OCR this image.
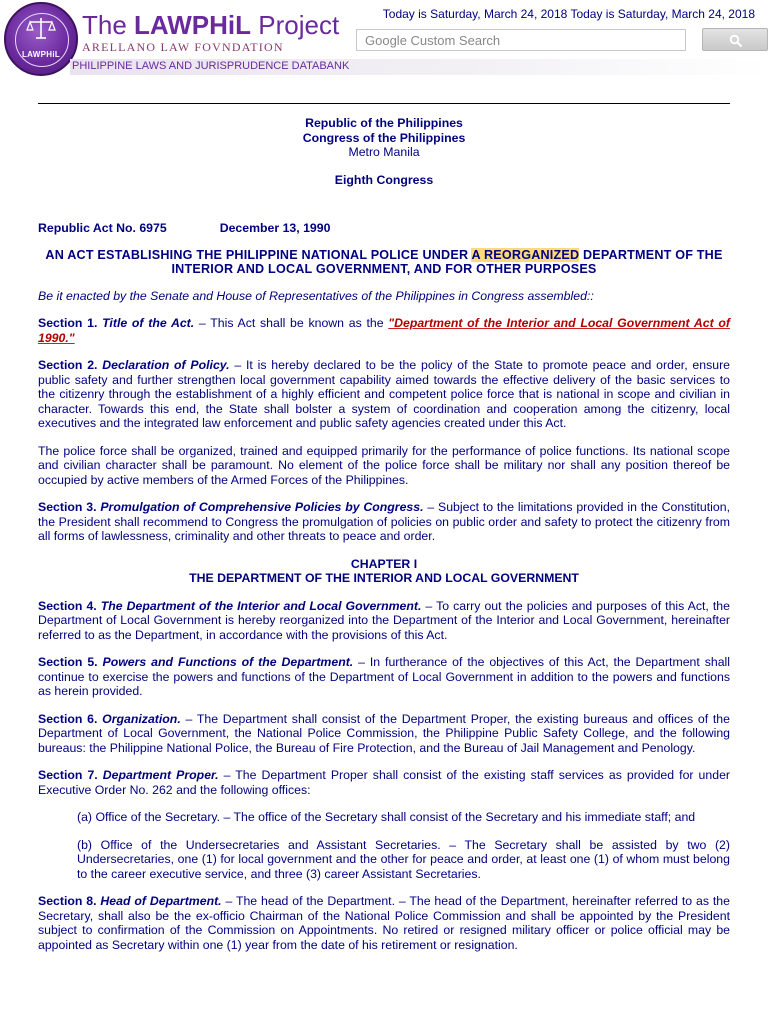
LAWPHiL
The LAWPHiL Project
ARELLANO LAW FOVNDATION
PHILIPPINE LAWS AND JURISPRUDENCE DATABANK
Today is Saturday, March 24, 2018 Today is Saturday, March 24, 2018
Google Custom Search
Republic of the Philippines
Congress of the Philippines
Metro Manila
Eighth Congress
Republic Act No. 6975	December 13, 1990
AN ACT ESTABLISHING THE PHILIPPINE NATIONAL POLICE UNDER A REORGANIZED DEPARTMENT OF THE INTERIOR AND LOCAL GOVERNMENT, AND FOR OTHER PURPOSES

Be it enacted by the Senate and House of Representatives of the Philippines in Congress assembled::

Section 1. Title of the Act. – This Act shall be known as the "Department of the Interior and Local Government Act of 1990."

Section 2. Declaration of Policy. – It is hereby declared to be the policy of the State to promote peace and order, ensure public safety and further strengthen local government capability aimed towards the effective delivery of the basic services to the citizenry through the establishment of a highly efficient and competent police force that is national in scope and civilian in character. Towards this end, the State shall bolster a system of coordination and cooperation among the citizenry, local executives and the integrated law enforcement and public safety agencies created under this Act.

The police force shall be organized, trained and equipped primarily for the performance of police functions. Its national scope and civilian character shall be paramount. No element of the police force shall be military nor shall any position thereof be occupied by active members of the Armed Forces of the Philippines.

Section 3. Promulgation of Comprehensive Policies by Congress. – Subject to the limitations provided in the Constitution, the President shall recommend to Congress the promulgation of policies on public order and safety to protect the citizenry from all forms of lawlessness, criminality and other threats to peace and order.

CHAPTER I
THE DEPARTMENT OF THE INTERIOR AND LOCAL GOVERNMENT

Section 4. The Department of the Interior and Local Government. – To carry out the policies and purposes of this Act, the Department of Local Government is hereby reorganized into the Department of the Interior and Local Government, hereinafter referred to as the Department, in accordance with the provisions of this Act.

Section 5. Powers and Functions of the Department. – In furtherance of the objectives of this Act, the Department shall continue to exercise the powers and functions of the Department of Local Government in addition to the powers and functions as herein provided.

Section 6. Organization. – The Department shall consist of the Department Proper, the existing bureaus and offices of the Department of Local Government, the National Police Commission, the Philippine Public Safety College, and the following bureaus: the Philippine National Police, the Bureau of Fire Protection, and the Bureau of Jail Management and Penology.

Section 7. Department Proper. – The Department Proper shall consist of the existing staff services as provided for under Executive Order No. 262 and the following offices:

(a) Office of the Secretary. – The office of the Secretary shall consist of the Secretary and his immediate staff; and

(b) Office of the Undersecretaries and Assistant Secretaries. – The Secretary shall be assisted by two (2) Undersecretaries, one (1) for local government and the other for peace and order, at least one (1) of whom must belong to the career executive service, and three (3) career Assistant Secretaries.

Section 8. Head of Department. – The head of the Department. – The head of the Department, hereinafter referred to as the Secretary, shall also be the ex-officio Chairman of the National Police Commission and shall be appointed by the President subject to confirmation of the Commission on Appointments. No retired or resigned military officer or police official may be appointed as Secretary within one (1) year from the date of his retirement or resignation.
